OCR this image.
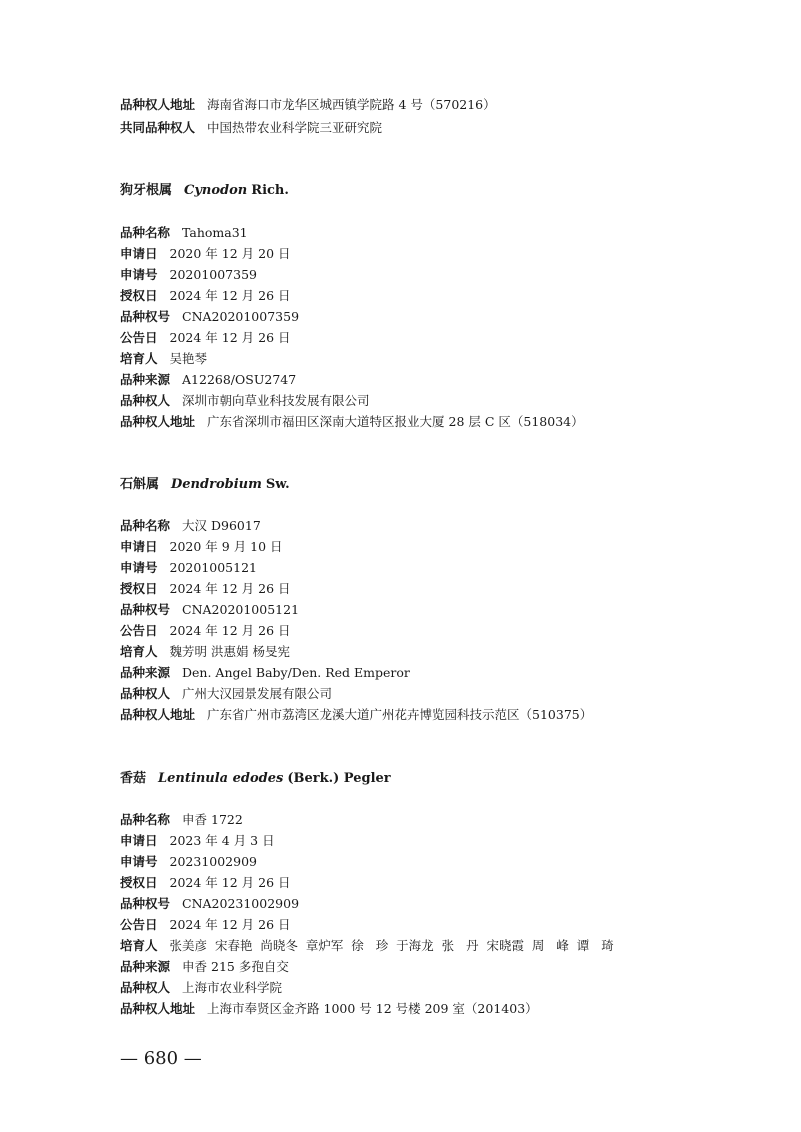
品种权人地址 海南省海口市龙华区城西镇学院路 4 号（570216）
共同品种权人 中国热带农业科学院三亚研究院
狗牙根属 Cynodon Rich.
品种名称 Tahoma31
申请日 2020 年 12 月 20 日
申请号 20201007359
授权日 2024 年 12 月 26 日
品种权号 CNA20201007359
公告日 2024 年 12 月 26 日
培育人 吴艳琴
品种来源 A12268/OSU2747
品种权人 深圳市朝向草业科技发展有限公司
品种权人地址 广东省深圳市福田区深南大道特区报业大厦 28 层 C 区（518034）
石斛属 Dendrobium Sw.
品种名称 大汉 D96017
申请日 2020 年 9 月 10 日
申请号 20201005121
授权日 2024 年 12 月 26 日
品种权号 CNA20201005121
公告日 2024 年 12 月 26 日
培育人 魏芳明 洪惠娟 杨旻宪
品种来源 Den. Angel Baby/Den. Red Emperor
品种权人 广州大汉园景发展有限公司
品种权人地址 广东省广州市荔湾区龙溪大道广州花卉博览园科技示范区（510375）
香菇 Lentinula edodes (Berk.) Pegler
品种名称 申香 1722
申请日 2023 年 4 月 3 日
申请号 20231002909
授权日 2024 年 12 月 26 日
品种权号 CNA20231002909
公告日 2024 年 12 月 26 日
培育人 张美彦  宋春艳  尚晓冬  章炉军  徐   珍  于海龙  张   丹  宋晓霞  周   峰  谭   琦
品种来源 申香 215 多孢自交
品种权人 上海市农业科学院
品种权人地址 上海市奉贤区金齐路 1000 号 12 号楼 209 室（201403）
— 680 —
